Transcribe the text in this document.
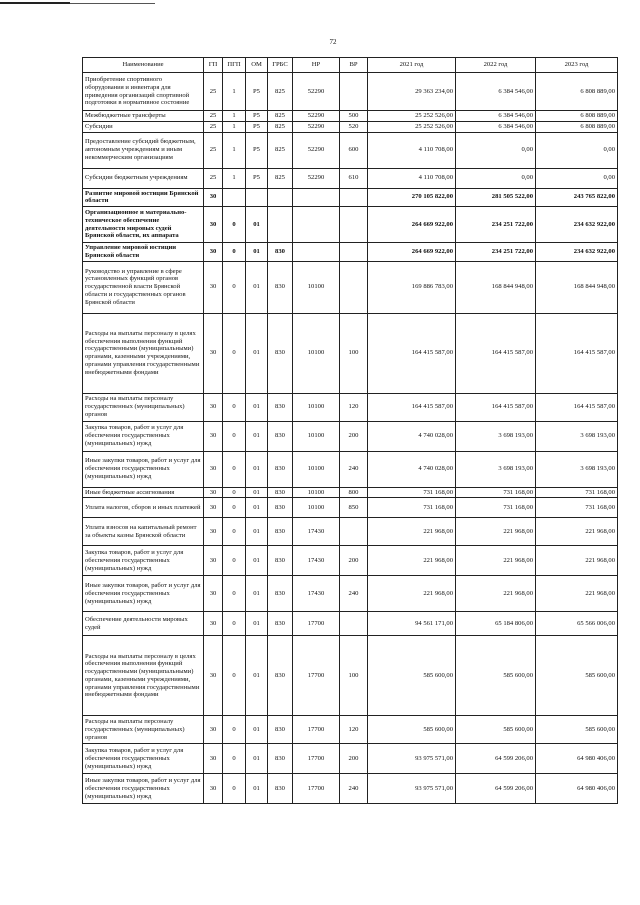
72
Наименование	ГП	ПГП	ОМ	ГРБС	НР	ВР	2021 год	2022 год	2023 год
Приобретение спортивного оборудования и инвентаря для приведения организаций спортивной подготовки в нормативное состояние	25	1	P5	825	52290		29 363 234,00	6 384 546,00	6 808 889,00
Межбюджетные трансферты	25	1	P5	825	52290	500	25 252 526,00	6 384 546,00	6 808 889,00
Субсидии	25	1	P5	825	52290	520	25 252 526,00	6 384 546,00	6 808 889,00
Предоставление субсидий бюджетным, автономным учреждениям и иным некоммерческим организациям	25	1	P5	825	52290	600	4 110 708,00	0,00	0,00
Субсидии бюджетным учреждениям	25	1	P5	825	52290	610	4 110 708,00	0,00	0,00
Развитие мировой юстиции Брянской области	30						270 105 822,00	281 505 522,00	243 765 822,00
Организационное и материально-техническое обеспечение деятельности мировых судей Брянской области, их аппарата	30	0	01				264 669 922,00	234 251 722,00	234 632 922,00
Управление мировой юстиции Брянской области	30	0	01	830			264 669 922,00	234 251 722,00	234 632 922,00
Руководство и управление в сфере установленных функций органов государственной власти Брянской области и государственных органов Брянской области	30	0	01	830	10100		169 886 783,00	168 844 948,00	168 844 948,00
Расходы на выплаты персоналу в целях обеспечения выполнения функций государственными (муниципальными) органами, казенными учреждениями, органами управления государственными внебюджетными фондами	30	0	01	830	10100	100	164 415 587,00	164 415 587,00	164 415 587,00
Расходы на выплаты персоналу государственных (муниципальных) органов	30	0	01	830	10100	120	164 415 587,00	164 415 587,00	164 415 587,00
Закупка товаров, работ и услуг для обеспечения государственных (муниципальных) нужд	30	0	01	830	10100	200	4 740 028,00	3 698 193,00	3 698 193,00
Иные закупки товаров, работ и услуг для обеспечения государственных (муниципальных) нужд	30	0	01	830	10100	240	4 740 028,00	3 698 193,00	3 698 193,00
Иные бюджетные ассигнования	30	0	01	830	10100	800	731 168,00	731 168,00	731 168,00
Уплата налогов, сборов и иных платежей	30	0	01	830	10100	850	731 168,00	731 168,00	731 168,00
Уплата взносов на капитальный ремонт за объекты казны Брянской области	30	0	01	830	17430		221 968,00	221 968,00	221 968,00
Закупка товаров, работ и услуг для обеспечения государственных (муниципальных) нужд	30	0	01	830	17430	200	221 968,00	221 968,00	221 968,00
Иные закупки товаров, работ и услуг для обеспечения государственных (муниципальных) нужд	30	0	01	830	17430	240	221 968,00	221 968,00	221 968,00
Обеспечение деятельности мировых судей	30	0	01	830	17700		94 561 171,00	65 184 806,00	65 566 006,00
Расходы на выплаты персоналу в целях обеспечения выполнения функций государственными (муниципальными) органами, казенными учреждениями, органами управления государственными внебюджетными фондами	30	0	01	830	17700	100	585 600,00	585 600,00	585 600,00
Расходы на выплаты персоналу государственных (муниципальных) органов	30	0	01	830	17700	120	585 600,00	585 600,00	585 600,00
Закупка товаров, работ и услуг для обеспечения государственных (муниципальных) нужд	30	0	01	830	17700	200	93 975 571,00	64 599 206,00	64 980 406,00
Иные закупки товаров, работ и услуг для обеспечения государственных (муниципальных) нужд	30	0	01	830	17700	240	93 975 571,00	64 599 206,00	64 980 406,00
